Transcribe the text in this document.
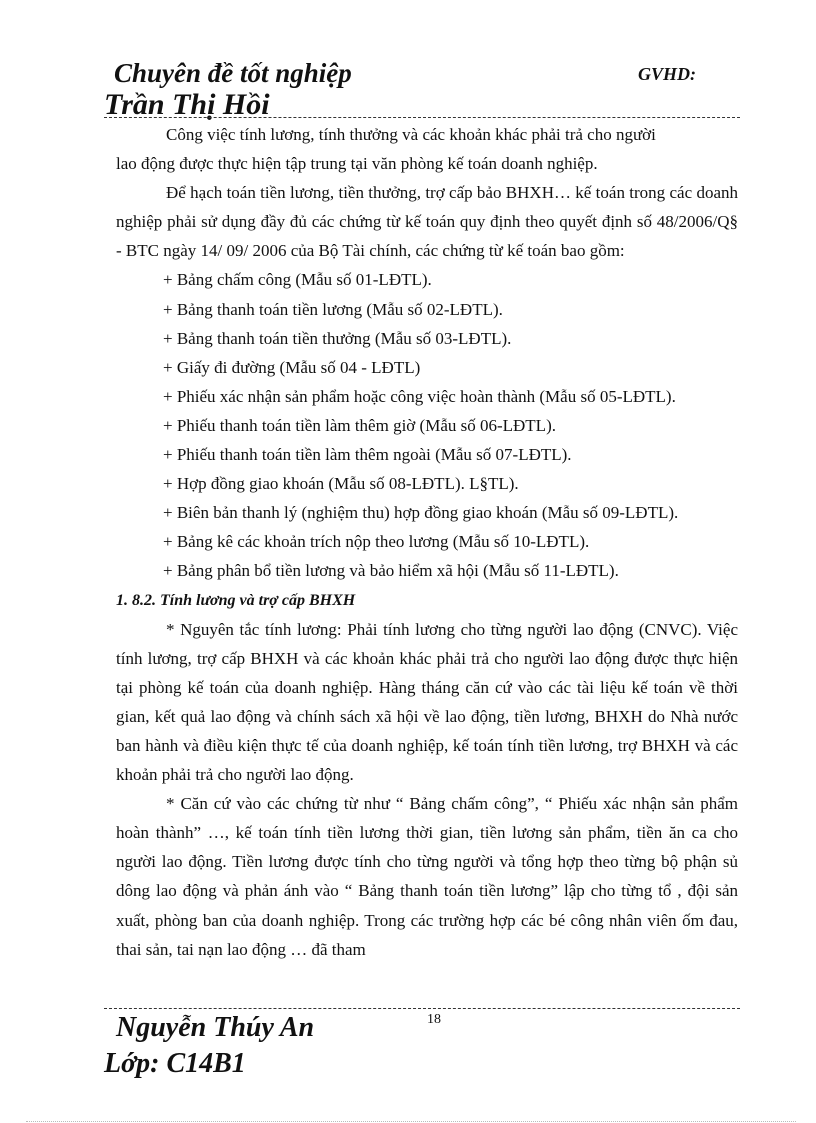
Chuyên đề tốt nghiệp	GVHD:
Trần Thị Hồi

Công việc tính lương, tính thưởng và các khoản khác phải trả cho người

lao động được thực hiện tập trung tại văn phòng kế toán doanh nghiệp.

Để hạch toán tiền lương, tiền thưởng, trợ cấp bảo BHXH… kế toán trong các doanh nghiệp phải sử dụng đầy đủ các chứng từ kế toán quy định theo quyết định số 48/2006/Q§ - BTC ngày 14/ 09/ 2006 của Bộ Tài chính, các chứng từ kế toán bao gồm:

+ Bảng chấm công (Mẫu số 01-LĐTL).

+ Bảng thanh toán tiền lương (Mẫu số 02-LĐTL).

+ Bảng thanh toán tiền thưởng (Mẫu số 03-LĐTL).

+ Giấy đi đường (Mẫu số 04 - LĐTL)

+ Phiếu xác nhận sản phẩm hoặc công việc hoàn thành (Mẫu số 05-LĐTL).

+ Phiếu thanh toán tiền làm thêm giờ (Mẫu số 06-LĐTL).

+ Phiếu thanh toán tiền làm thêm ngoài (Mẫu số 07-LĐTL).

+ Hợp đồng giao khoán (Mẫu số 08-LĐTL). L§TL).

+ Biên bản thanh lý (nghiệm thu) hợp đồng giao khoán (Mẫu số 09-LĐTL).

+ Bảng kê các khoản trích nộp theo lương (Mẫu số 10-LĐTL).

+ Bảng phân bổ tiền lương và bảo hiểm xã hội (Mẫu số 11-LĐTL).

1. 8.2. Tính lương và trợ cấp BHXH

* Nguyên tắc tính lương: Phải tính lương cho từng người lao động (CNVC). Việc tính lương, trợ cấp BHXH và các khoản khác phải trả cho người lao động được thực hiện tại phòng kế toán của doanh nghiệp. Hàng tháng căn cứ vào các tài liệu kế toán về thời gian, kết quả lao động và chính sách xã hội về lao động, tiền lương, BHXH do Nhà nước ban hành và điều kiện thực tế của doanh nghiệp, kế toán tính tiền lương, trợ BHXH và các khoản phải trả cho người lao động.

* Căn cứ vào các chứng từ như “ Bảng chấm công”, “ Phiếu xác nhận sản phẩm hoàn thành” …, kế toán tính tiền lương thời gian, tiền lương sản phẩm, tiền ăn ca cho người lao động. Tiền lương được tính cho từng người và tổng hợp theo từng bộ phận sủ dông lao động và phản ánh vào “ Bảng thanh toán tiền lương” lập cho từng tổ , đội sản xuất, phòng ban của doanh nghiệp. Trong các trường hợp các bé công nhân viên ốm đau, thai sản, tai nạn lao động … đã tham

18
Nguyễn Thúy An
Lớp: C14B1
